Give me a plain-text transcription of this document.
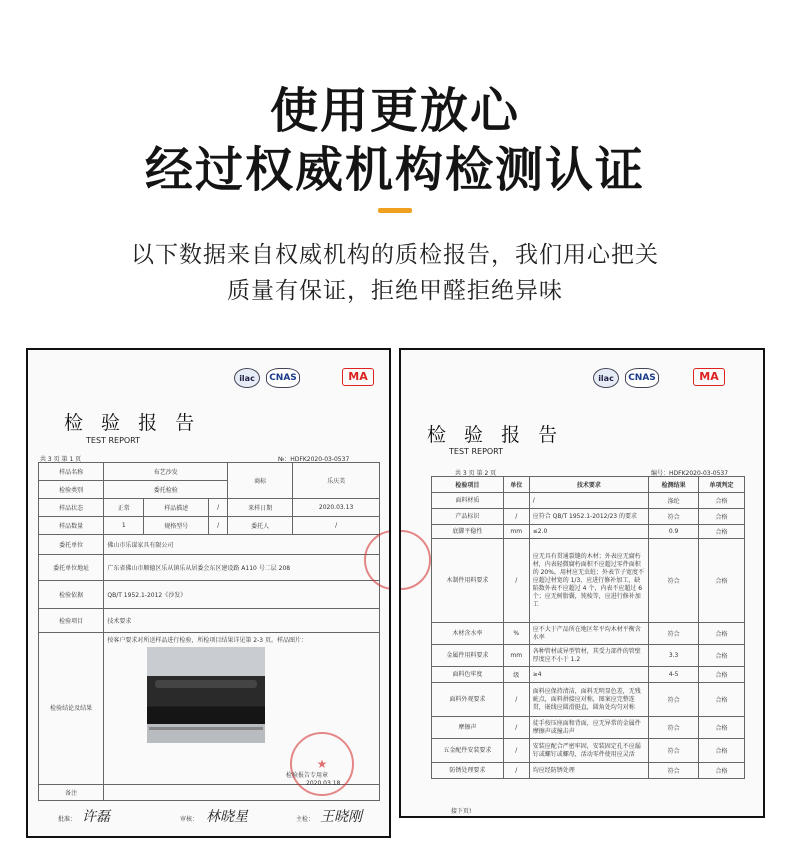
使用更放心
经过权威机构检测认证
以下数据来自权威机构的质检报告，我们用心把关
质量有保证，拒绝甲醛拒绝异味
ilac	CNAS	MA
检 验 报 告
TEST REPORT
共 3 页 第 1 页	№：HDFK2020-03-0537
样品名称	布艺沙发			商标	乐庆美
检验类别	委托检验				
样品状态	正常	样品描述	/	来样日期	2020.03.13
样品数量	1	规格型号	/	委托人	/
委托单位	佛山市乐谋家具有限公司				
委托单位地址	广东省佛山市顺德区乐从镇乐从居委会东区建设路 A110 号二层 208				
检验依据	QB/T 1952.1-2012《沙发》				
检验项目	技术要求				
检验结论及结果	按客户要求对所送样品进行检验，所检项目结果详见第 2-3 页。样品图片：				

备注					
★
检验报告专用章
2020.03.18
批准： 许磊	审核： 林晓星	主检： 王晓刚
ilac	CNAS	MA
检 验 报 告
TEST REPORT
共 3 页 第 2 页	编号：HDFK2020-03-0537
检验项目	单位	技术要求	检测结果	单项判定
面料材质		/	涤纶	合格
产品标识	/	应符合 QB/T 1952.1-2012/23 的要求	符合	合格
底脚平稳性	mm	≤2.0	0.9	合格
木制件用料要求	/	应无具有贯通裂缝的木材；外表应无腐朽材，内表轻微腐朽面积不应超过零件面积的 20%，用材应无虫蛀；外表节子宽度不应超过材宽的 1/3，应进行修补加工，缺陷数外表不应超过 4 个，内表不应超过 6 个；应无树脂囊，钝棱等，应进行修补加工	符合	合格
木材含水率	%	应不大于产品所在地区年平均木材平衡含水率	符合	合格
金属件用料要求	mm	各种管材或异型管材，其受力部件的管壁厚度应不小于 1.2	3.3	合格
面料色牢度	级	≥4	4-5	合格
面料外观要求	/	面料应保持清洁，面料无明显色差，无残疵点，面料拼接应对称，图案应完整连贯，嵌线应圆滑挺直，圆角处均匀对称	符合	合格
摩擦声	/	徒手按压座面和背面，应无异常的金属件摩擦声或撞击声	符合	合格
五金配件安装要求	/	安装应配合严密牢固，安装固定孔不应漏钉或螺钉或螺母，活动零件使用应灵活	符合	合格
防锈处理要求	/	均应经防锈处理	符合	合格
接下页!
